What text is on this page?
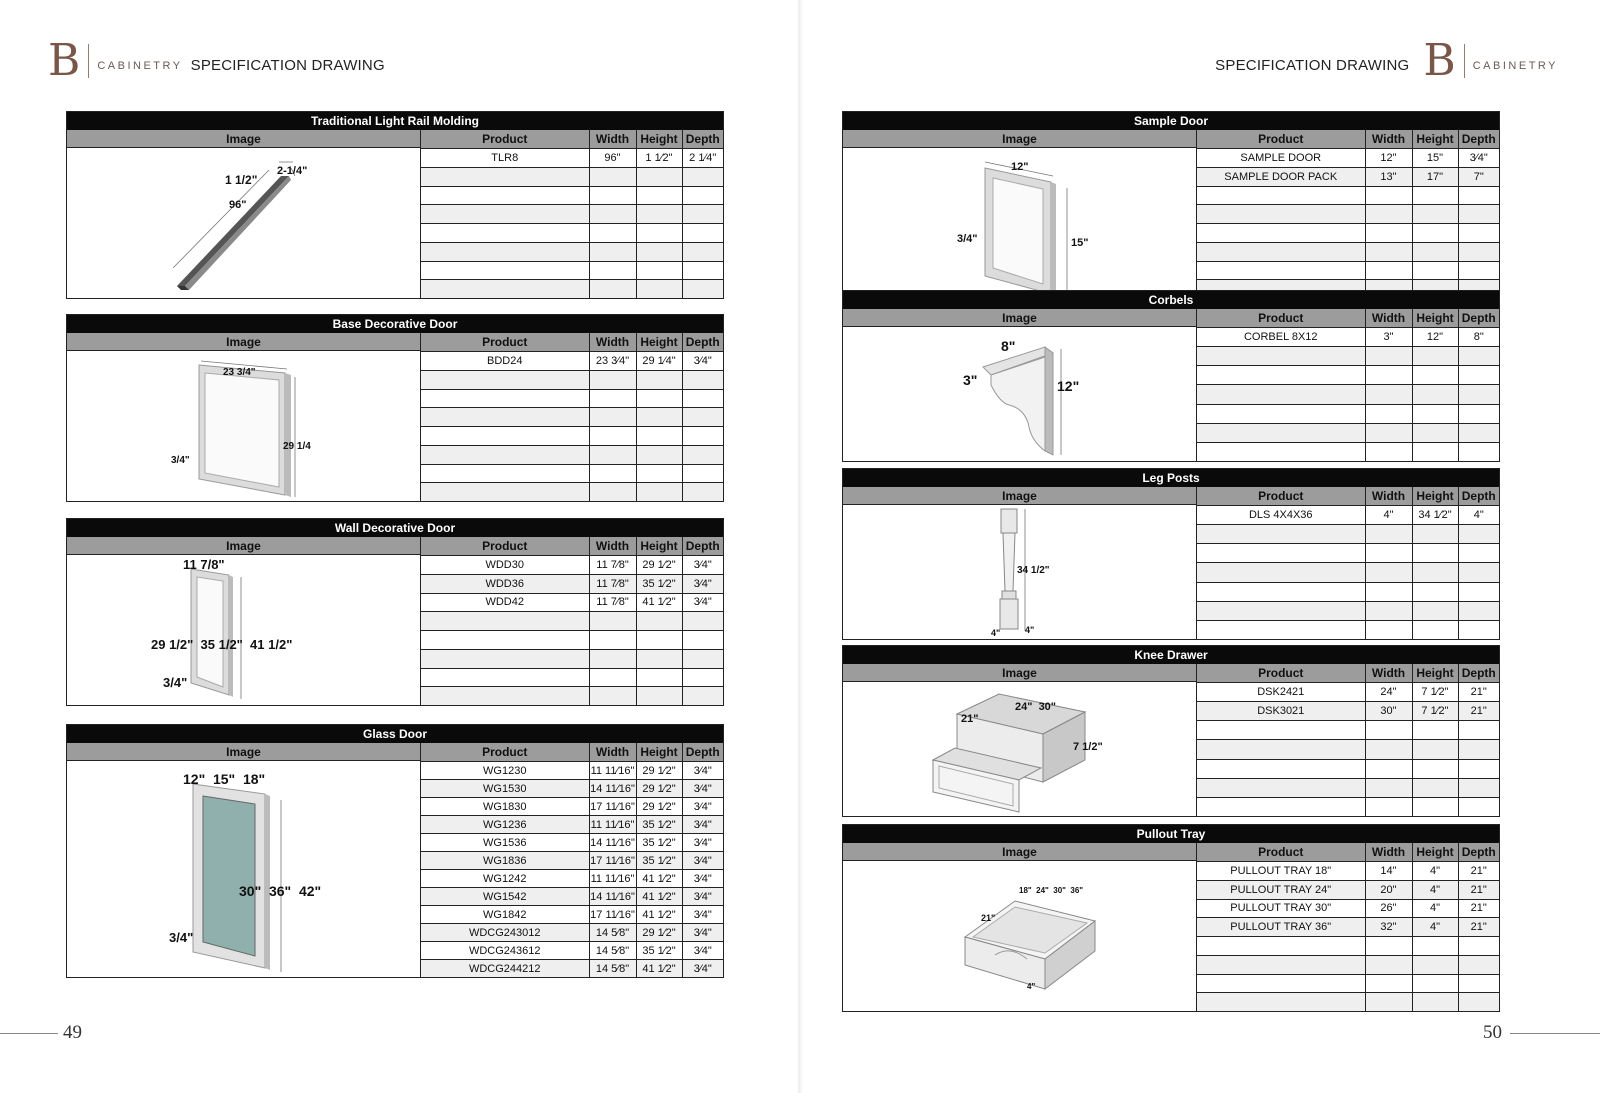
B CABINETRY SPECIFICATION DRAWING	SPECIFICATION DRAWING B CABINETRY
Traditional Light Rail Molding
Image
1 1/2"
2-1/4"
96"
Product	Width	Height	Depth
TLR8	96"	1 1⁄2"	2 1⁄4"

Base Decorative Door
Image
23 3/4"
29 1/4
3/4"
Product	Width	Height	Depth
BDD24	23 3⁄4"	29 1⁄4"	3⁄4"

Wall Decorative Door
Image
11 7/8"
29 1/2"  35 1/2"  41 1/2"
3/4"
Product	Width	Height	Depth
WDD30	11 7⁄8"	29 1⁄2"	3⁄4"
WDD36	11 7⁄8"	35 1⁄2"	3⁄4"
WDD42	11 7⁄8"	41 1⁄2"	3⁄4"

Glass Door
Image
12"  15"  18"
30"  36"  42"
3/4"
Product	Width	Height	Depth
WG1230	11 11⁄16"	29 1⁄2"	3⁄4"
WG1530	14 11⁄16"	29 1⁄2"	3⁄4"
WG1830	17 11⁄16"	29 1⁄2"	3⁄4"
WG1236	11 11⁄16"	35 1⁄2"	3⁄4"
WG1536	14 11⁄16"	35 1⁄2"	3⁄4"
WG1836	17 11⁄16"	35 1⁄2"	3⁄4"
WG1242	11 11⁄16"	41 1⁄2"	3⁄4"
WG1542	14 11⁄16"	41 1⁄2"	3⁄4"
WG1842	17 11⁄16"	41 1⁄2"	3⁄4"
WDCG243012	14 5⁄8"	29 1⁄2"	3⁄4"
WDCG243612	14 5⁄8"	35 1⁄2"	3⁄4"
WDCG244212	14 5⁄8"	41 1⁄2"	3⁄4"
Sample Door
Image
12"
15"
3/4"
Product	Width	Height	Depth
SAMPLE DOOR	12"	15"	3⁄4"
SAMPLE DOOR PACK	13"	17"	7"

Corbels
Image
8"
3"	12"
Product	Width	Height	Depth
CORBEL 8X12	3"	12"	8"

Leg Posts
Image
34 1/2"
4"	4"
Product	Width	Height	Depth
DLS 4X4X36	4"	34 1⁄2"	4"

Knee Drawer
Image
24"  30"
21"
7 1/2"
Product	Width	Height	Depth
DSK2421	24"	7 1⁄2"	21"
DSK3021	30"	7 1⁄2"	21"

Pullout Tray
Image
18"  24"  30"  36"
21"
4"
Product	Width	Height	Depth
PULLOUT TRAY 18"	14"	4"	21"
PULLOUT TRAY 24"	20"	4"	21"
PULLOUT TRAY 30"	26"	4"	21"
PULLOUT TRAY 36"	32"	4"	21"

49	50
